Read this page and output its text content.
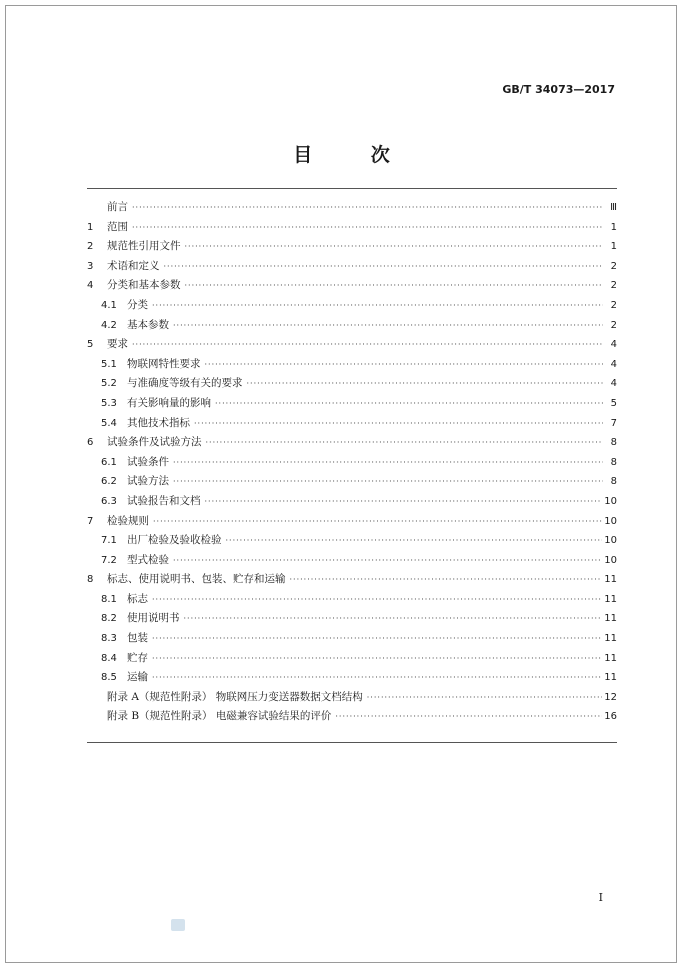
GB/T 34073—2017
目 次
前言 ·····	Ⅲ
1	范围 ·····	1
2	规范性引用文件 ·····	1
3	术语和定义 ·····	2
4	分类和基本参数 ·····	2
4.1 分类 ·····	2
4.2 基本参数 ·····	2
5	要求 ·····	4
5.1 物联网特性要求 ·····	4
5.2 与准确度等级有关的要求 ·····	4
5.3 有关影响量的影响 ·····	5
5.4 其他技术指标 ·····	7
6	试验条件及试验方法 ·····	8
6.1 试验条件 ·····	8
6.2 试验方法 ·····	8
6.3 试验报告和文档 ·····	10
7	检验规则 ·····	10
7.1 出厂检验及验收检验 ·····	10
7.2 型式检验 ·····	10
8	标志、使用说明书、包装、贮存和运输 ·····	11
8.1 标志 ·····	11
8.2 使用说明书 ·····	11
8.3 包装 ·····	11
8.4 贮存 ·····	11
8.5 运输 ·····	11
附录 A（规范性附录） 物联网压力变送器数据文档结构 ·····	12
附录 B（规范性附录） 电磁兼容试验结果的评价 ·····	16
I
